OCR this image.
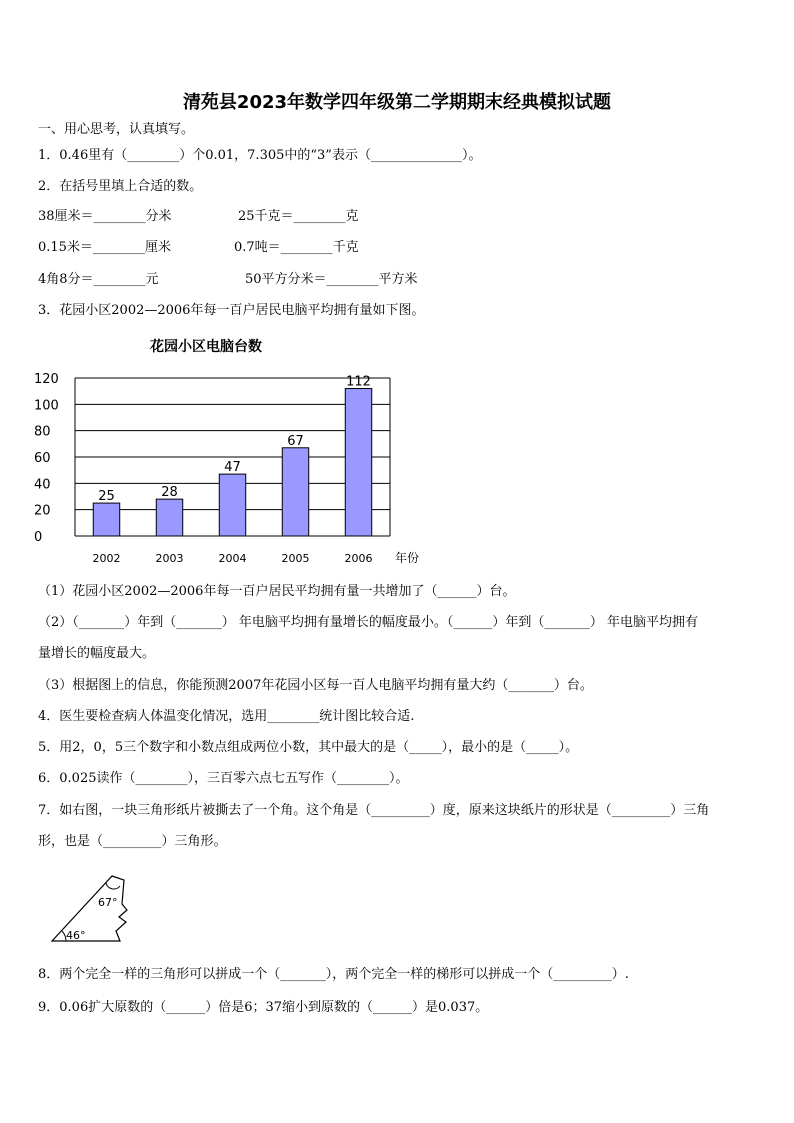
清苑县2023年数学四年级第二学期期末经典模拟试题
一、用心思考，认真填写。
1．0.46里有（________）个0.01，7.305中的“3”表示（______________）。
2．在括号里填上合适的数。
38厘米＝________分米	25千克＝________克
0.15米＝________厘米	0.7吨＝________千克
4角8分＝________元	50平方分米＝________平方米
3．花园小区2002—2006年每一百户居民电脑平均拥有量如下图。
花园小区电脑台数
0
20
40
60
80
100
120
25
2002
28
2003
47
2004
67
2005
112
2006 年份
（1）花园小区2002—2006年每一百户居民平均拥有量一共增加了（______）台。
（2）（_______）年到（_______） 年电脑平均拥有量增长的幅度最小。（______）年到（_______） 年电脑平均拥有
量增长的幅度最大。
（3）根据图上的信息，你能预测2007年花园小区每一百人电脑平均拥有量大约（_______）台。
4．医生要检查病人体温变化情况，选用________统计图比较合适.
5．用2，0，5三个数字和小数点组成两位小数，其中最大的是（_____），最小的是（_____）。
6．0.025读作（________），三百零六点七五写作（________）。
7．如右图，一块三角形纸片被撕去了一个角。这个角是（_________）度，原来这块纸片的形状是（_________）三角
形，也是（_________）三角形。
67°
46°
8．两个完全一样的三角形可以拼成一个（_______），两个完全一样的梯形可以拼成一个（_________）.
9．0.06扩大原数的（______）倍是6；37缩小到原数的（______）是0.037。
